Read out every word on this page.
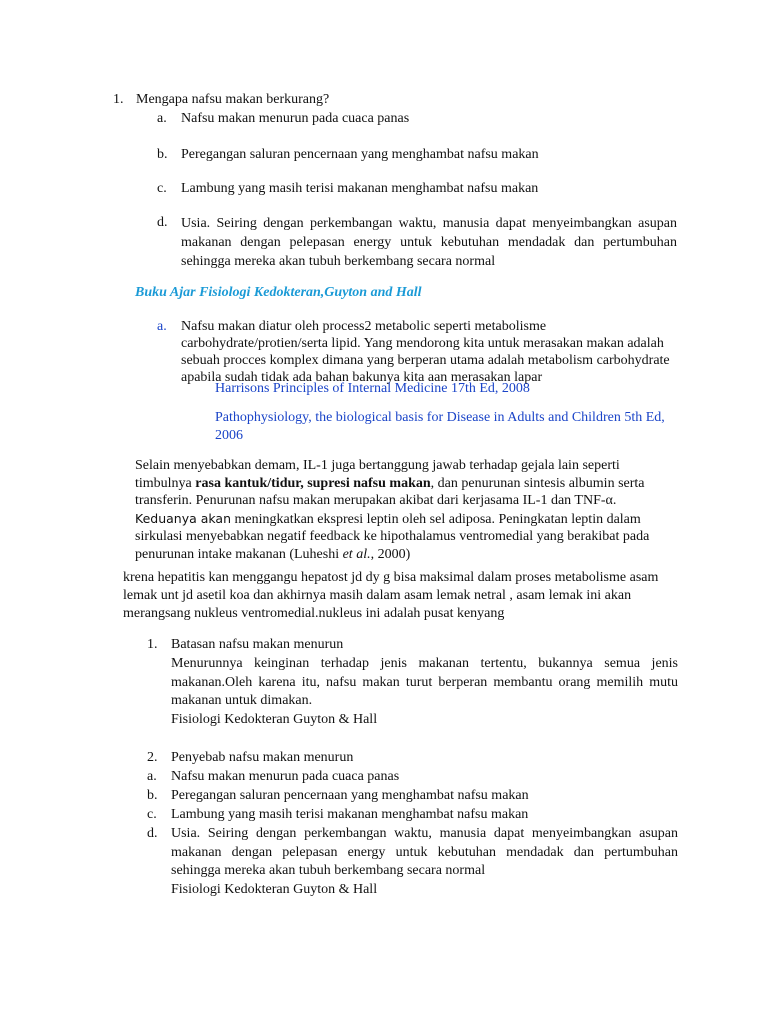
1. Mengapa nafsu makan berkurang?
a. Nafsu makan menurun pada cuaca panas
b. Peregangan saluran pencernaan yang menghambat nafsu makan
c. Lambung yang masih terisi makanan menghambat nafsu makan
d. Usia. Seiring dengan perkembangan waktu, manusia dapat menyeimbangkan asupan makanan dengan pelepasan energy untuk kebutuhan mendadak dan pertumbuhan sehingga mereka akan tubuh berkembang secara normal
Buku Ajar Fisiologi Kedokteran,Guyton and Hall
a. Nafsu makan diatur oleh process2 metabolic seperti metabolisme carbohydrate/protien/serta lipid. Yang mendorong kita untuk merasakan makan adalah sebuah procces komplex dimana yang berperan utama adalah metabolism carbohydrate apabila sudah tidak ada bahan bakunya kita aan merasakan lapar
Harrisons Principles of Internal Medicine 17th Ed, 2008
Pathophysiology, the biological basis for Disease in Adults and Children 5th Ed, 2006
Selain menyebabkan demam, IL-1 juga bertanggung jawab terhadap gejala lain seperti timbulnya rasa kantuk/tidur, supresi nafsu makan, dan penurunan sintesis albumin serta transferin. Penurunan nafsu makan merupakan akibat dari kerjasama IL-1 dan TNF-α. Keduanya akan meningkatkan ekspresi leptin oleh sel adiposa. Peningkatan leptin dalam sirkulasi menyebabkan negatif feedback ke hipothalamus ventromedial yang berakibat pada penurunan intake makanan (Luheshi et al., 2000)
krena hepatitis kan menggangu hepatost jd dy g bisa maksimal dalam proses metabolisme asam lemak unt jd asetil koa dan akhirnya masih dalam asam lemak netral , asam lemak ini akan merangsang nukleus ventromedial.nukleus ini adalah pusat kenyang
1. Batasan nafsu makan menurun
Menurunnya keinginan terhadap jenis makanan tertentu, bukannya semua jenis makanan.Oleh karena itu, nafsu makan turut berperan membantu orang memilih mutu makanan untuk dimakan.
Fisiologi Kedokteran Guyton & Hall
2. Penyebab nafsu makan menurun
a. Nafsu makan menurun pada cuaca panas
b. Peregangan saluran pencernaan yang menghambat nafsu makan
c. Lambung yang masih terisi makanan menghambat nafsu makan
d. Usia. Seiring dengan perkembangan waktu, manusia dapat menyeimbangkan asupan makanan dengan pelepasan energy untuk kebutuhan mendadak dan pertumbuhan sehingga mereka akan tubuh berkembang secara normal
Fisiologi Kedokteran Guyton & Hall
